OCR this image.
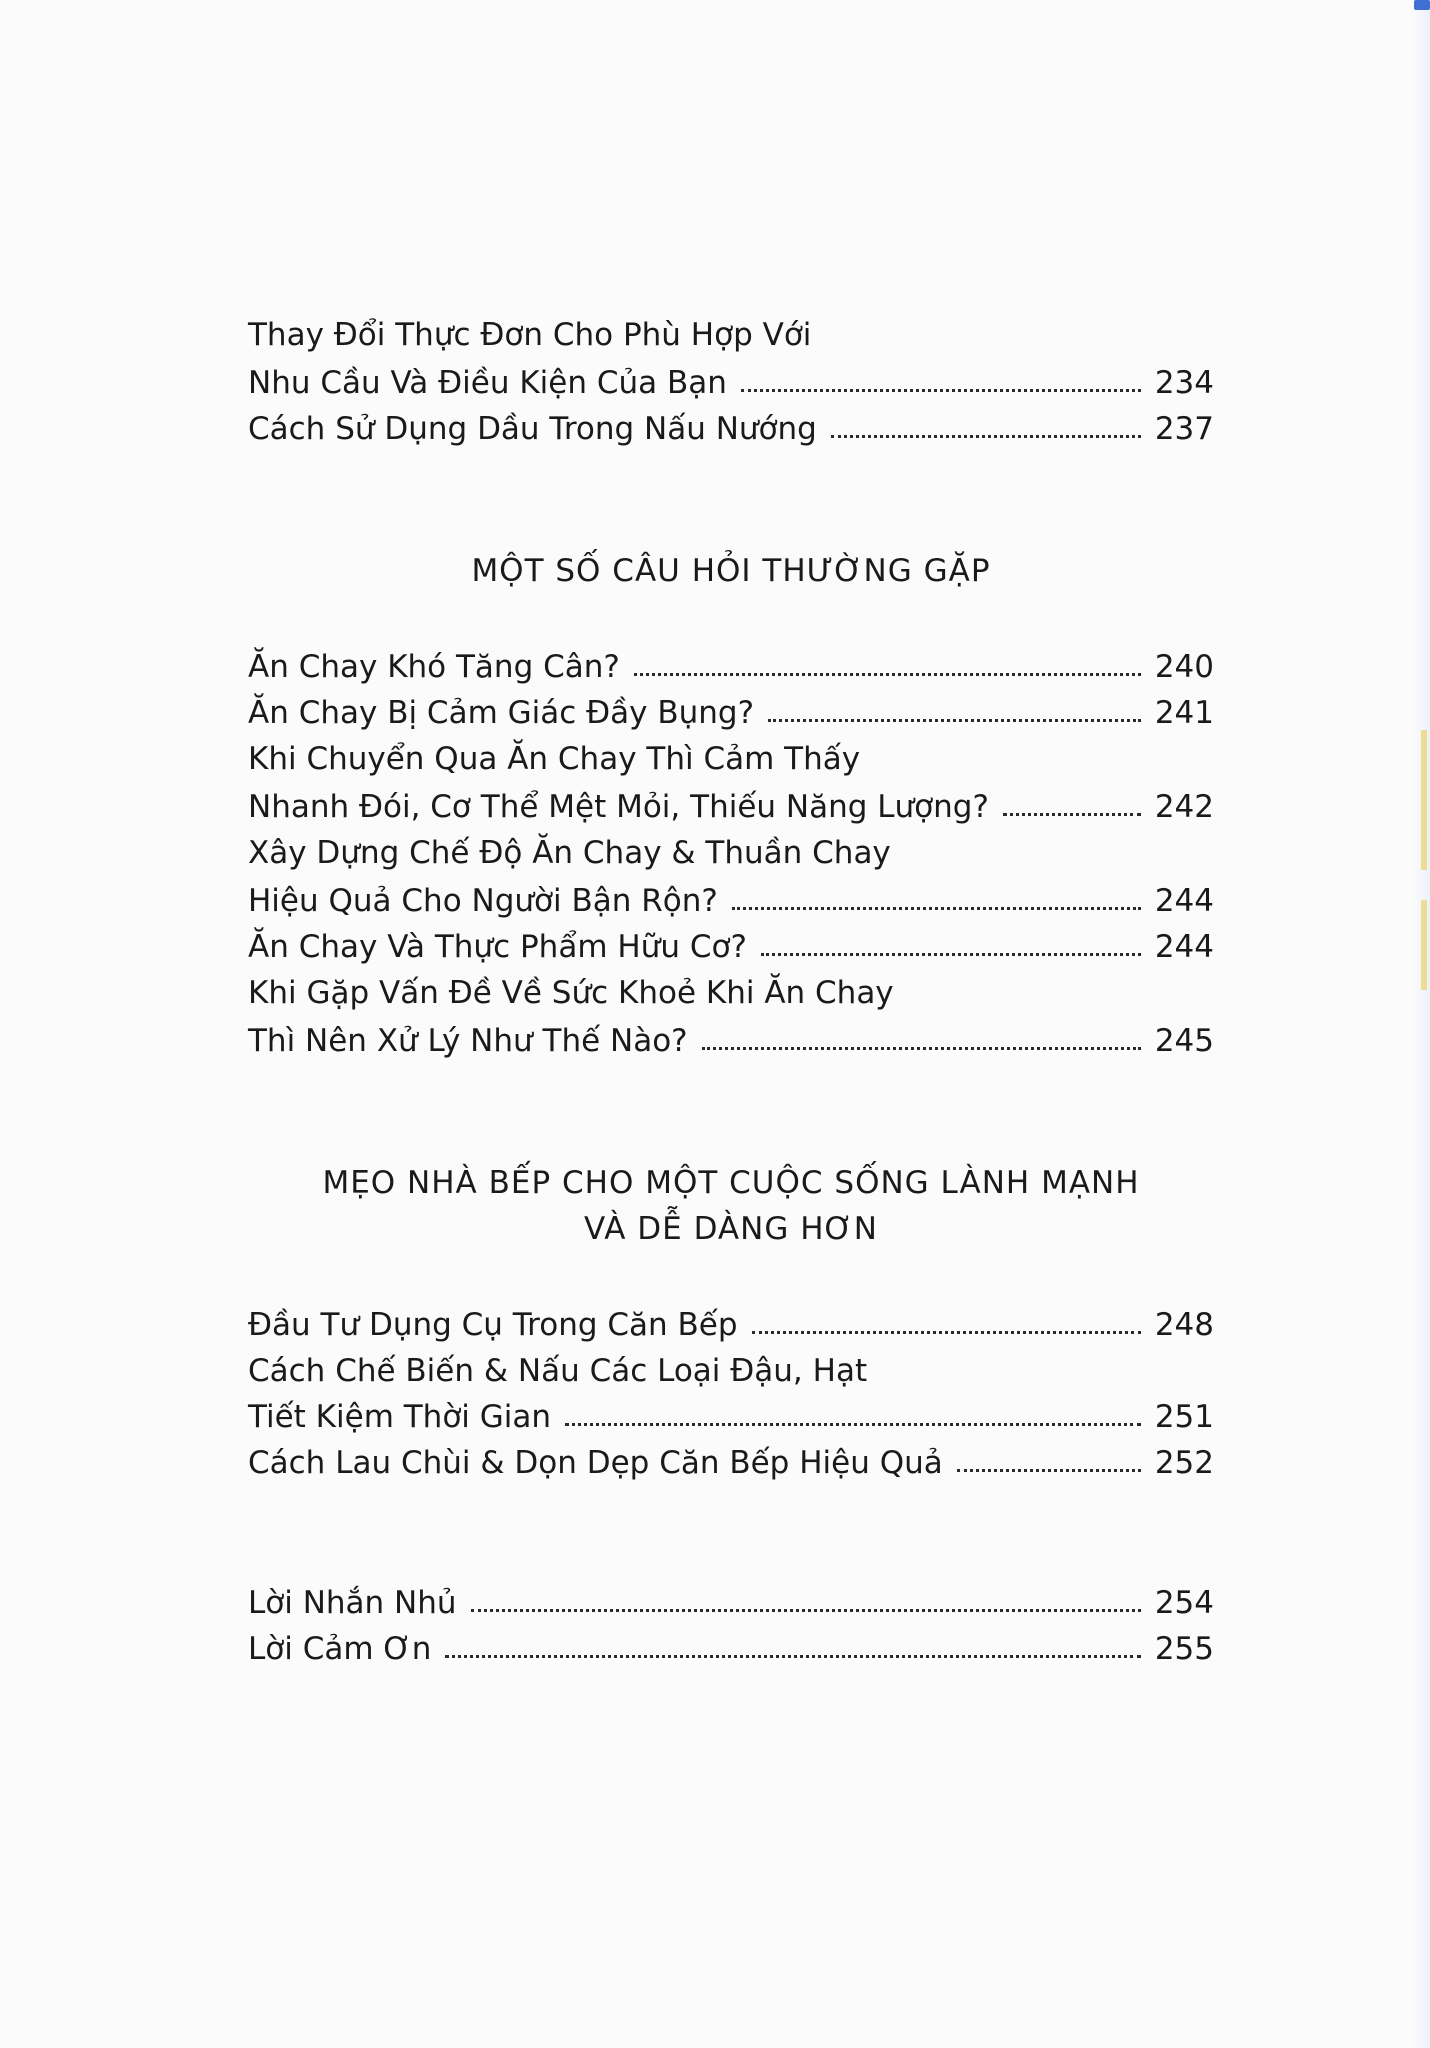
Thay Đổi Thực Đơn Cho Phù Hợp Với
Nhu Cầu Và Điều Kiện Của Bạn	234
Cách Sử Dụng Dầu Trong Nấu Nướng	237
MỘT SỐ CÂU HỎI THƯỜNG GẶP
Ăn Chay Khó Tăng Cân?	240
Ăn Chay Bị Cảm Giác Đầy Bụng?	241
Khi Chuyển Qua Ăn Chay Thì Cảm Thấy
Nhanh Đói, Cơ Thể Mệt Mỏi, Thiếu Năng Lượng?	242
Xây Dựng Chế Độ Ăn Chay & Thuần Chay
Hiệu Quả Cho Người Bận Rộn?	244
Ăn Chay Và Thực Phẩm Hữu Cơ?	244
Khi Gặp Vấn Đề Về Sức Khoẻ Khi Ăn Chay
Thì Nên Xử Lý Như Thế Nào?	245
MẸO NHÀ BẾP CHO MỘT CUỘC SỐNG LÀNH MẠNH
VÀ DỄ DÀNG HƠN
Đầu Tư Dụng Cụ Trong Căn Bếp	248
Cách Chế Biến & Nấu Các Loại Đậu, Hạt
Tiết Kiệm Thời Gian	251
Cách Lau Chùi & Dọn Dẹp Căn Bếp Hiệu Quả	252
Lời Nhắn Nhủ	254
Lời Cảm Ơn	255
